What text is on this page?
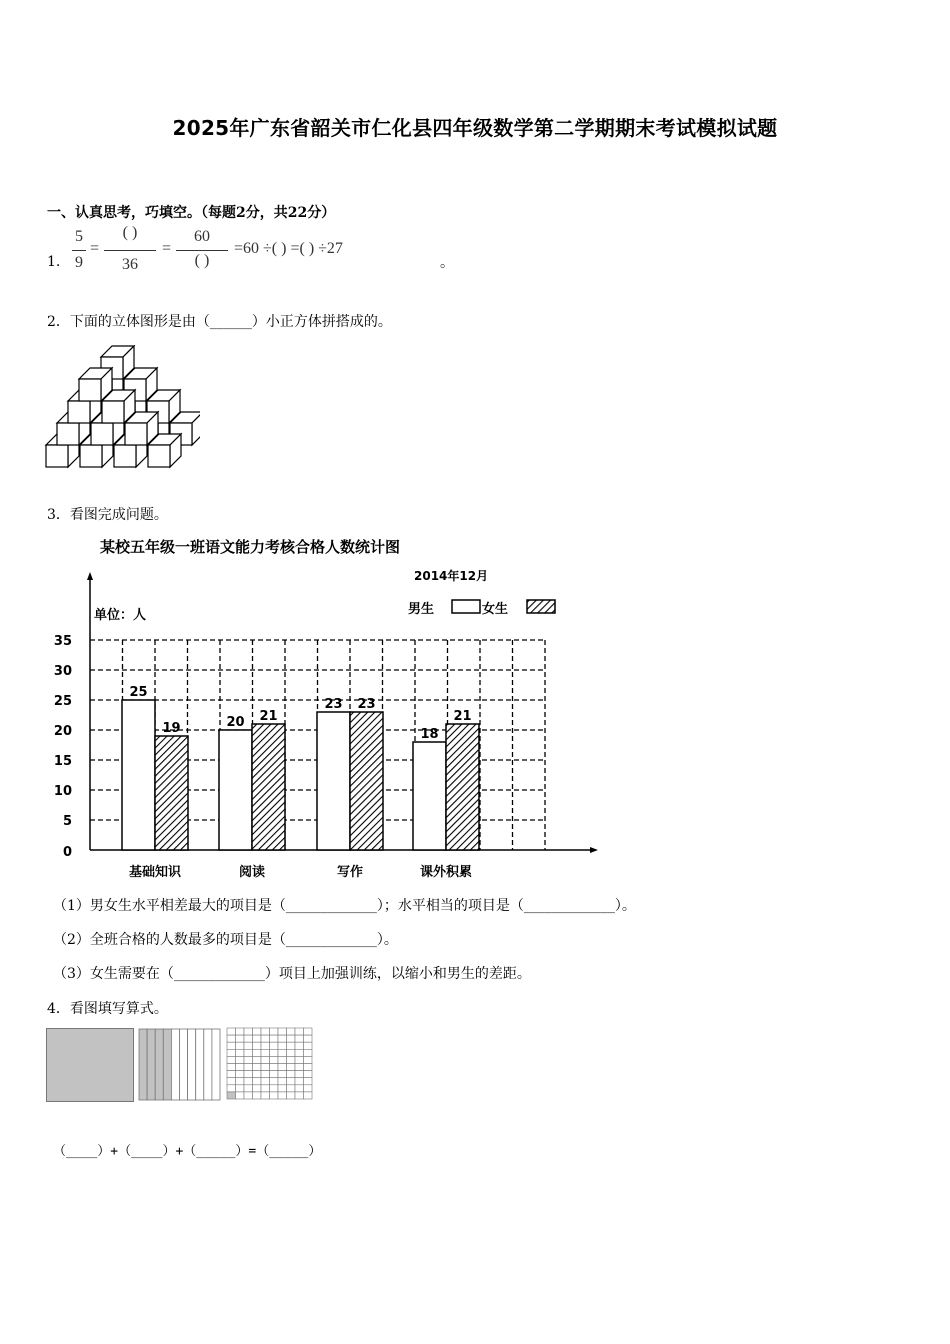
2025年广东省韶关市仁化县四年级数学第二学期期末考试模拟试题
一、认真思考，巧填空。（每题2分，共22分）
1.
5
9
=
( )
36
=
60
( )
=60 ÷( ) =( ) ÷27
。
2．下面的立体图形是由（______）小正方体拼搭成的。
3．看图完成问题。
某校五年级一班语文能力考核合格人数统计图
2014年12月
单位：人	男生	女生
0
5
10
15
20
25
30
35
25
19
基础知识
20 21
阅读
23 23
写作
18
21
课外积累
（1）男女生水平相差最大的项目是（_____________）；水平相当的项目是（_____________）。
（2）全班合格的人数最多的项目是（_____________）。
（3）女生需要在（_____________）项目上加强训练，以缩小和男生的差距。
4．看图填写算式。
（____）+（____）+（_____）=（_____）
